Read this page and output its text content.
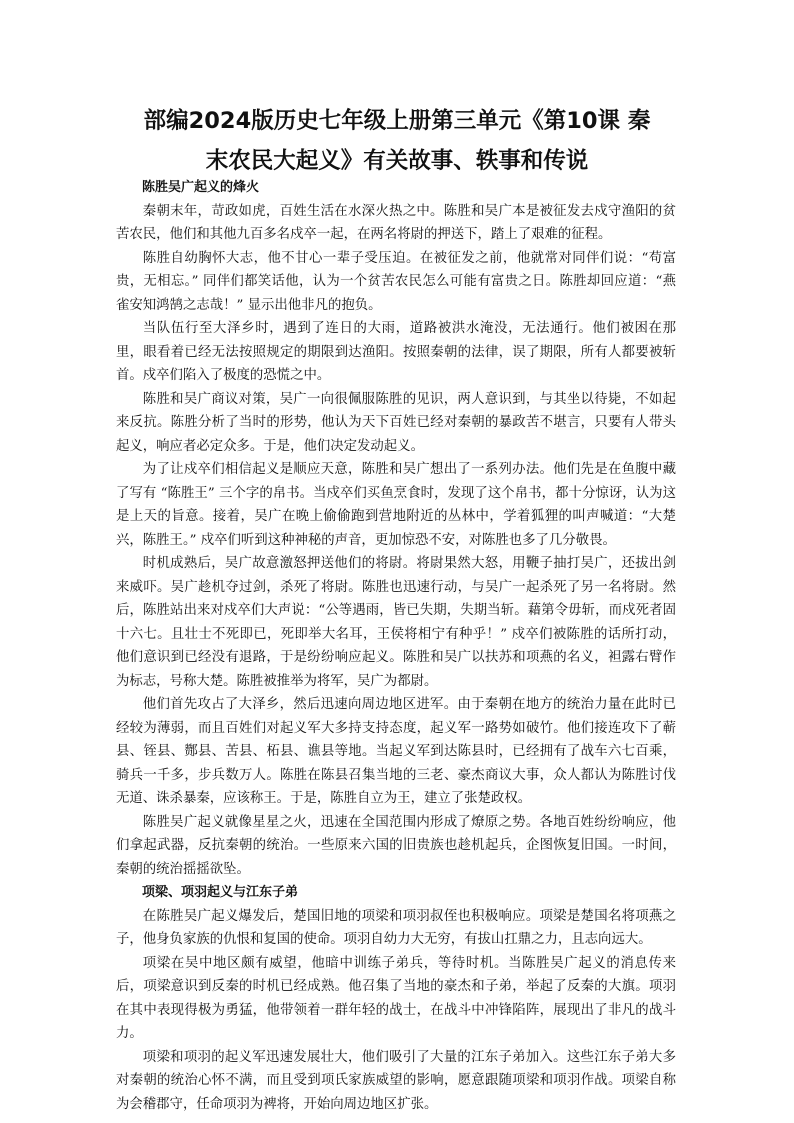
部编2024版历史七年级上册第三单元《第10课 秦
末农民大起义》有关故事、轶事和传说

陈胜吴广起义的烽火

秦朝末年，苛政如虎，百姓生活在水深火热之中。陈胜和吴广本是被征发去戍守渔阳的贫苦农民，他们和其他九百多名戍卒一起，在两名将尉的押送下，踏上了艰难的征程。

陈胜自幼胸怀大志，他不甘心一辈子受压迫。在被征发之前，他就常对同伴们说：“苟富贵，无相忘。” 同伴们都笑话他，认为一个贫苦农民怎么可能有富贵之日。陈胜却回应道：“燕雀安知鸿鹄之志哉！” 显示出他非凡的抱负。

当队伍行至大泽乡时，遇到了连日的大雨，道路被洪水淹没，无法通行。他们被困在那里，眼看着已经无法按照规定的期限到达渔阳。按照秦朝的法律，误了期限，所有人都要被斩首。戍卒们陷入了极度的恐慌之中。

陈胜和吴广商议对策，吴广一向很佩服陈胜的见识，两人意识到，与其坐以待毙，不如起来反抗。陈胜分析了当时的形势，他认为天下百姓已经对秦朝的暴政苦不堪言，只要有人带头起义，响应者必定众多。于是，他们决定发动起义。

为了让戍卒们相信起义是顺应天意，陈胜和吴广想出了一系列办法。他们先是在鱼腹中藏了写有 “陈胜王” 三个字的帛书。当戍卒们买鱼烹食时，发现了这个帛书，都十分惊讶，认为这是上天的旨意。接着，吴广在晚上偷偷跑到营地附近的丛林中，学着狐狸的叫声喊道：“大楚兴，陈胜王。” 戍卒们听到这种神秘的声音，更加惊恐不安，对陈胜也多了几分敬畏。

时机成熟后，吴广故意激怒押送他们的将尉。将尉果然大怒，用鞭子抽打吴广，还拔出剑来威吓。吴广趁机夺过剑，杀死了将尉。陈胜也迅速行动，与吴广一起杀死了另一名将尉。然后，陈胜站出来对戍卒们大声说：“公等遇雨，皆已失期，失期当斩。藉第令毋斩，而戍死者固十六七。且壮士不死即已，死即举大名耳，王侯将相宁有种乎！” 戍卒们被陈胜的话所打动，他们意识到已经没有退路，于是纷纷响应起义。陈胜和吴广以扶苏和项燕的名义，袒露右臂作为标志，号称大楚。陈胜被推举为将军，吴广为都尉。

他们首先攻占了大泽乡，然后迅速向周边地区进军。由于秦朝在地方的统治力量在此时已经较为薄弱，而且百姓们对起义军大多持支持态度，起义军一路势如破竹。他们接连攻下了蕲县、铚县、酂县、苦县、柘县、谯县等地。当起义军到达陈县时，已经拥有了战车六七百乘，骑兵一千多，步兵数万人。陈胜在陈县召集当地的三老、豪杰商议大事，众人都认为陈胜讨伐无道、诛杀暴秦，应该称王。于是，陈胜自立为王，建立了张楚政权。

陈胜吴广起义就像星星之火，迅速在全国范围内形成了燎原之势。各地百姓纷纷响应，他们拿起武器，反抗秦朝的统治。一些原来六国的旧贵族也趁机起兵，企图恢复旧国。一时间，秦朝的统治摇摇欲坠。

项梁、项羽起义与江东子弟

在陈胜吴广起义爆发后，楚国旧地的项梁和项羽叔侄也积极响应。项梁是楚国名将项燕之子，他身负家族的仇恨和复国的使命。项羽自幼力大无穷，有拔山扛鼎之力，且志向远大。

项梁在吴中地区颇有威望，他暗中训练子弟兵，等待时机。当陈胜吴广起义的消息传来后，项梁意识到反秦的时机已经成熟。他召集了当地的豪杰和子弟，举起了反秦的大旗。项羽在其中表现得极为勇猛，他带领着一群年轻的战士，在战斗中冲锋陷阵，展现出了非凡的战斗力。

项梁和项羽的起义军迅速发展壮大，他们吸引了大量的江东子弟加入。这些江东子弟大多对秦朝的统治心怀不满，而且受到项氏家族威望的影响，愿意跟随项梁和项羽作战。项梁自称为会稽郡守，任命项羽为裨将，开始向周边地区扩张。
